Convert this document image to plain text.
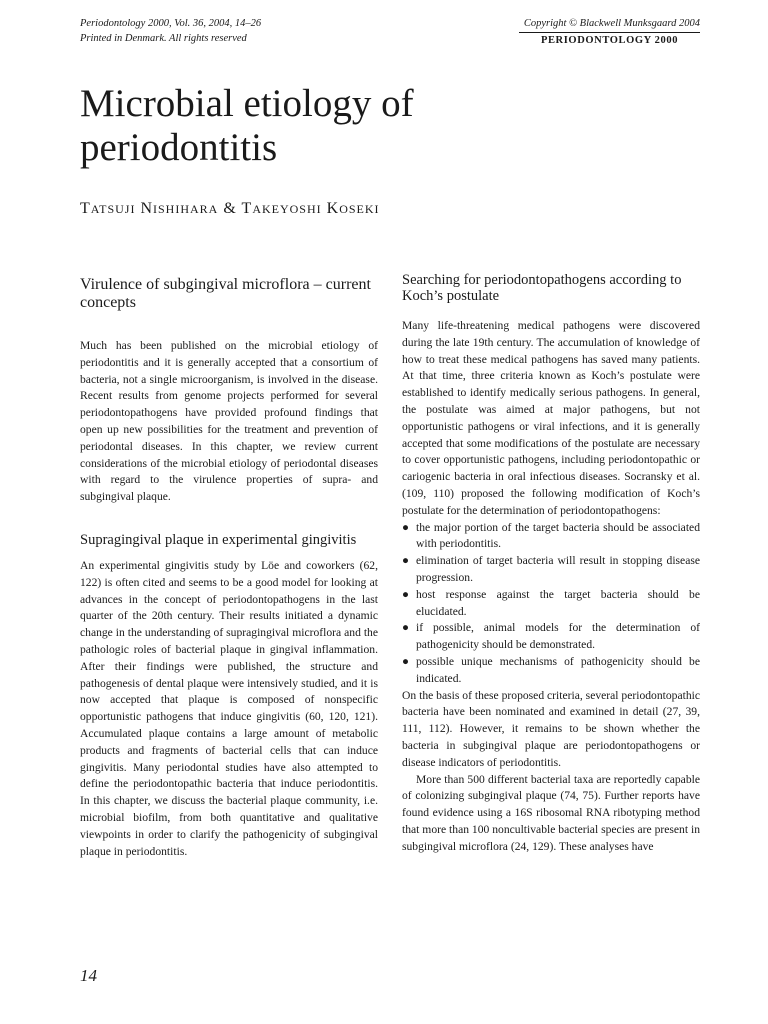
Periodontology 2000, Vol. 36, 2004, 14–26
Printed in Denmark. All rights reserved
Copyright © Blackwell Munksgaard 2004
PERIODONTOLOGY 2000
Microbial etiology of
periodontitis
TATSUJI NISHIHARA & TAKEYOSHI KOSEKI
Virulence of subgingival microflora – current concepts

Much has been published on the microbial etiology of periodontitis and it is generally accepted that a consortium of bacteria, not a single microorganism, is involved in the disease. Recent results from genome projects performed for several periodontopathogens have provided profound findings that open up new possibilities for the treatment and prevention of periodontal diseases. In this chapter, we review current considerations of the microbial etiology of periodontal diseases with regard to the virulence properties of supra- and subgingival plaque.

Supragingival plaque in experimental gingivitis

An experimental gingivitis study by Löe and coworkers (62, 122) is often cited and seems to be a good model for looking at advances in the concept of periodontopathogens in the last quarter of the 20th century. Their results initiated a dynamic change in the understanding of supragingival microflora and the pathologic roles of bacterial plaque in gingival inflammation. After their findings were published, the structure and pathogenesis of dental plaque were intensively studied, and it is now accepted that plaque is composed of nonspecific opportunistic pathogens that induce gingivitis (60, 120, 121). Accumulated plaque contains a large amount of metabolic products and fragments of bacterial cells that can induce gingivitis. Many periodontal studies have also attempted to define the periodontopathic bacteria that induce periodontitis. In this chapter, we discuss the bacterial plaque community, i.e. microbial biofilm, from both quantitative and qualitative viewpoints in order to clarify the pathogenicity of subgingival plaque in periodontitis.

Searching for periodontopathogens according to Koch’s postulate

Many life-threatening medical pathogens were discovered during the late 19th century. The accumulation of knowledge of how to treat these medical pathogens has saved many patients. At that time, three criteria known as Koch’s postulate were established to identify medically serious pathogens. In general, the postulate was aimed at major pathogens, but not opportunistic pathogens or viral infections, and it is generally accepted that some modifications of the postulate are necessary to cover opportunistic pathogens, including periodontopathic or cariogenic bacteria in oral infectious diseases. Socransky et al. (109, 110) proposed the following modification of Koch’s postulate for the determination of periodontopathogens:

● the major portion of the target bacteria should be associated with periodontitis.
● elimination of target bacteria will result in stopping disease progression.
● host response against the target bacteria should be elucidated.
● if possible, animal models for the determination of pathogenicity should be demonstrated.
● possible unique mechanisms of pathogenicity should be indicated.

On the basis of these proposed criteria, several periodontopathic bacteria have been nominated and examined in detail (27, 39, 111, 112). However, it remains to be shown whether the bacteria in subgingival plaque are periodontopathogens or disease indicators of periodontitis.

More than 500 different bacterial taxa are reportedly capable of colonizing subgingival plaque (74, 75). Further reports have found evidence using a 16S ribosomal RNA ribotyping method that more than 100 noncultivable bacterial species are present in subgingival microflora (24, 129). These analyses have

14
